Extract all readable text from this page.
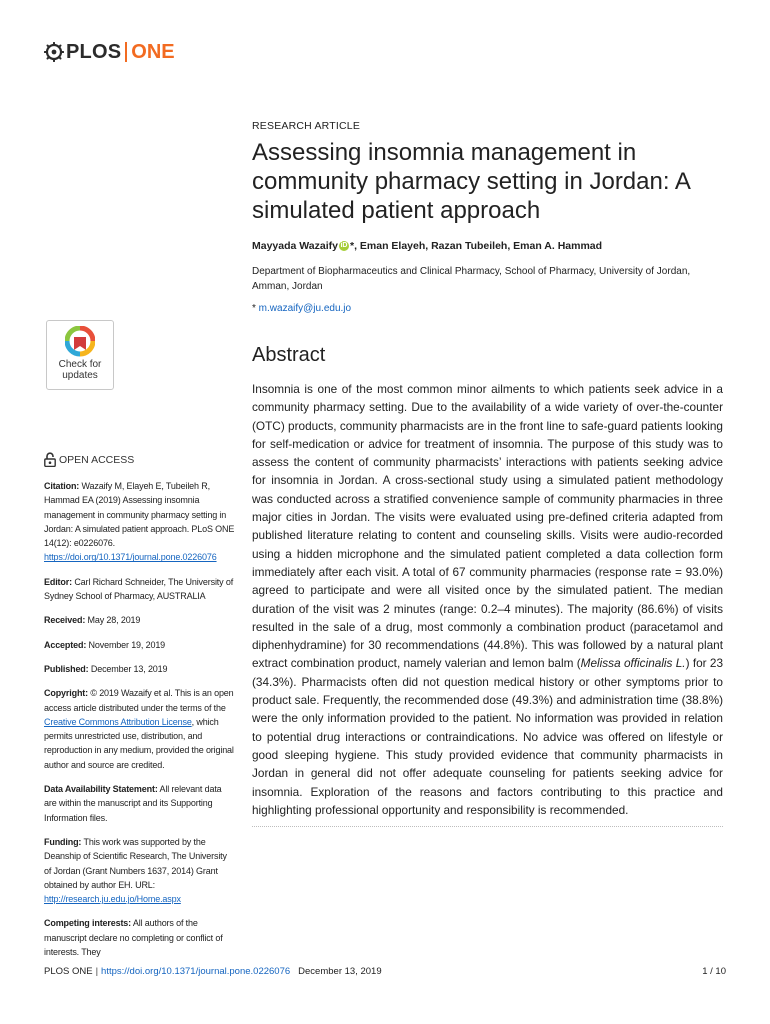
PLOS ONE
RESEARCH ARTICLE
Assessing insomnia management in community pharmacy setting in Jordan: A simulated patient approach
Mayyada Wazaify iD *, Eman Elayeh, Razan Tubeileh, Eman A. Hammad
Department of Biopharmaceutics and Clinical Pharmacy, School of Pharmacy, University of Jordan, Amman, Jordan
* m.wazaify@ju.edu.jo
Check for
updates
OPEN ACCESS
Citation: Wazaify M, Elayeh E, Tubeileh R, Hammad EA (2019) Assessing insomnia management in community pharmacy setting in Jordan: A simulated patient approach. PLoS ONE 14(12): e0226076. https://doi.org/10.1371/journal.pone.0226076
Editor: Carl Richard Schneider, The University of Sydney School of Pharmacy, AUSTRALIA
Received: May 28, 2019
Accepted: November 19, 2019
Published: December 13, 2019
Copyright: © 2019 Wazaify et al. This is an open access article distributed under the terms of the Creative Commons Attribution License, which permits unrestricted use, distribution, and reproduction in any medium, provided the original author and source are credited.
Data Availability Statement: All relevant data are within the manuscript and its Supporting Information files.
Funding: This work was supported by the Deanship of Scientific Research, The University of Jordan (Grant Numbers 1637, 2014) Grant obtained by author EH. URL: http://research.ju.edu.jo/Home.aspx
Competing interests: All authors of the manuscript declare no completing or conflict of interests. They
Abstract

Insomnia is one of the most common minor ailments to which patients seek advice in a community pharmacy setting. Due to the availability of a wide variety of over-the-counter (OTC) products, community pharmacists are in the front line to safe-guard patients looking for self-medication or advice for treatment of insomnia. The purpose of this study was to assess the content of community pharmacists’ interactions with patients seeking advice for insomnia in Jordan. A cross-sectional study using a simulated patient methodology was conducted across a stratified convenience sample of community pharmacies in three major cities in Jordan. The visits were evaluated using pre-defined criteria adapted from published literature relating to content and counseling skills. Visits were audio-recorded using a hidden microphone and the simulated patient completed a data collection form immediately after each visit. A total of 67 community pharmacies (response rate = 93.0%) agreed to participate and were all visited once by the simulated patient. The median duration of the visit was 2 minutes (range: 0.2–4 minutes). The majority (86.6%) of visits resulted in the sale of a drug, most commonly a combination product (paracetamol and diphenhydramine) for 30 recommendations (44.8%). This was followed by a natural plant extract combination product, namely valerian and lemon balm (Melissa officinalis L.) for 23 (34.3%). Pharmacists often did not question medical history or other symptoms prior to product sale. Frequently, the recommended dose (49.3%) and administration time (38.8%) were the only information provided to the patient. No information was provided in relation to potential drug interactions or contraindications. No advice was offered on lifestyle or good sleeping hygiene. This study provided evidence that community pharmacists in Jordan in general did not offer adequate counseling for patients seeking advice for insomnia. Exploration of the reasons and factors contributing to this practice and highlighting professional opportunity and responsibility is recommended.

PLOS ONE | https://doi.org/10.1371/journal.pone.0226076 December 13, 2019	1 / 10
